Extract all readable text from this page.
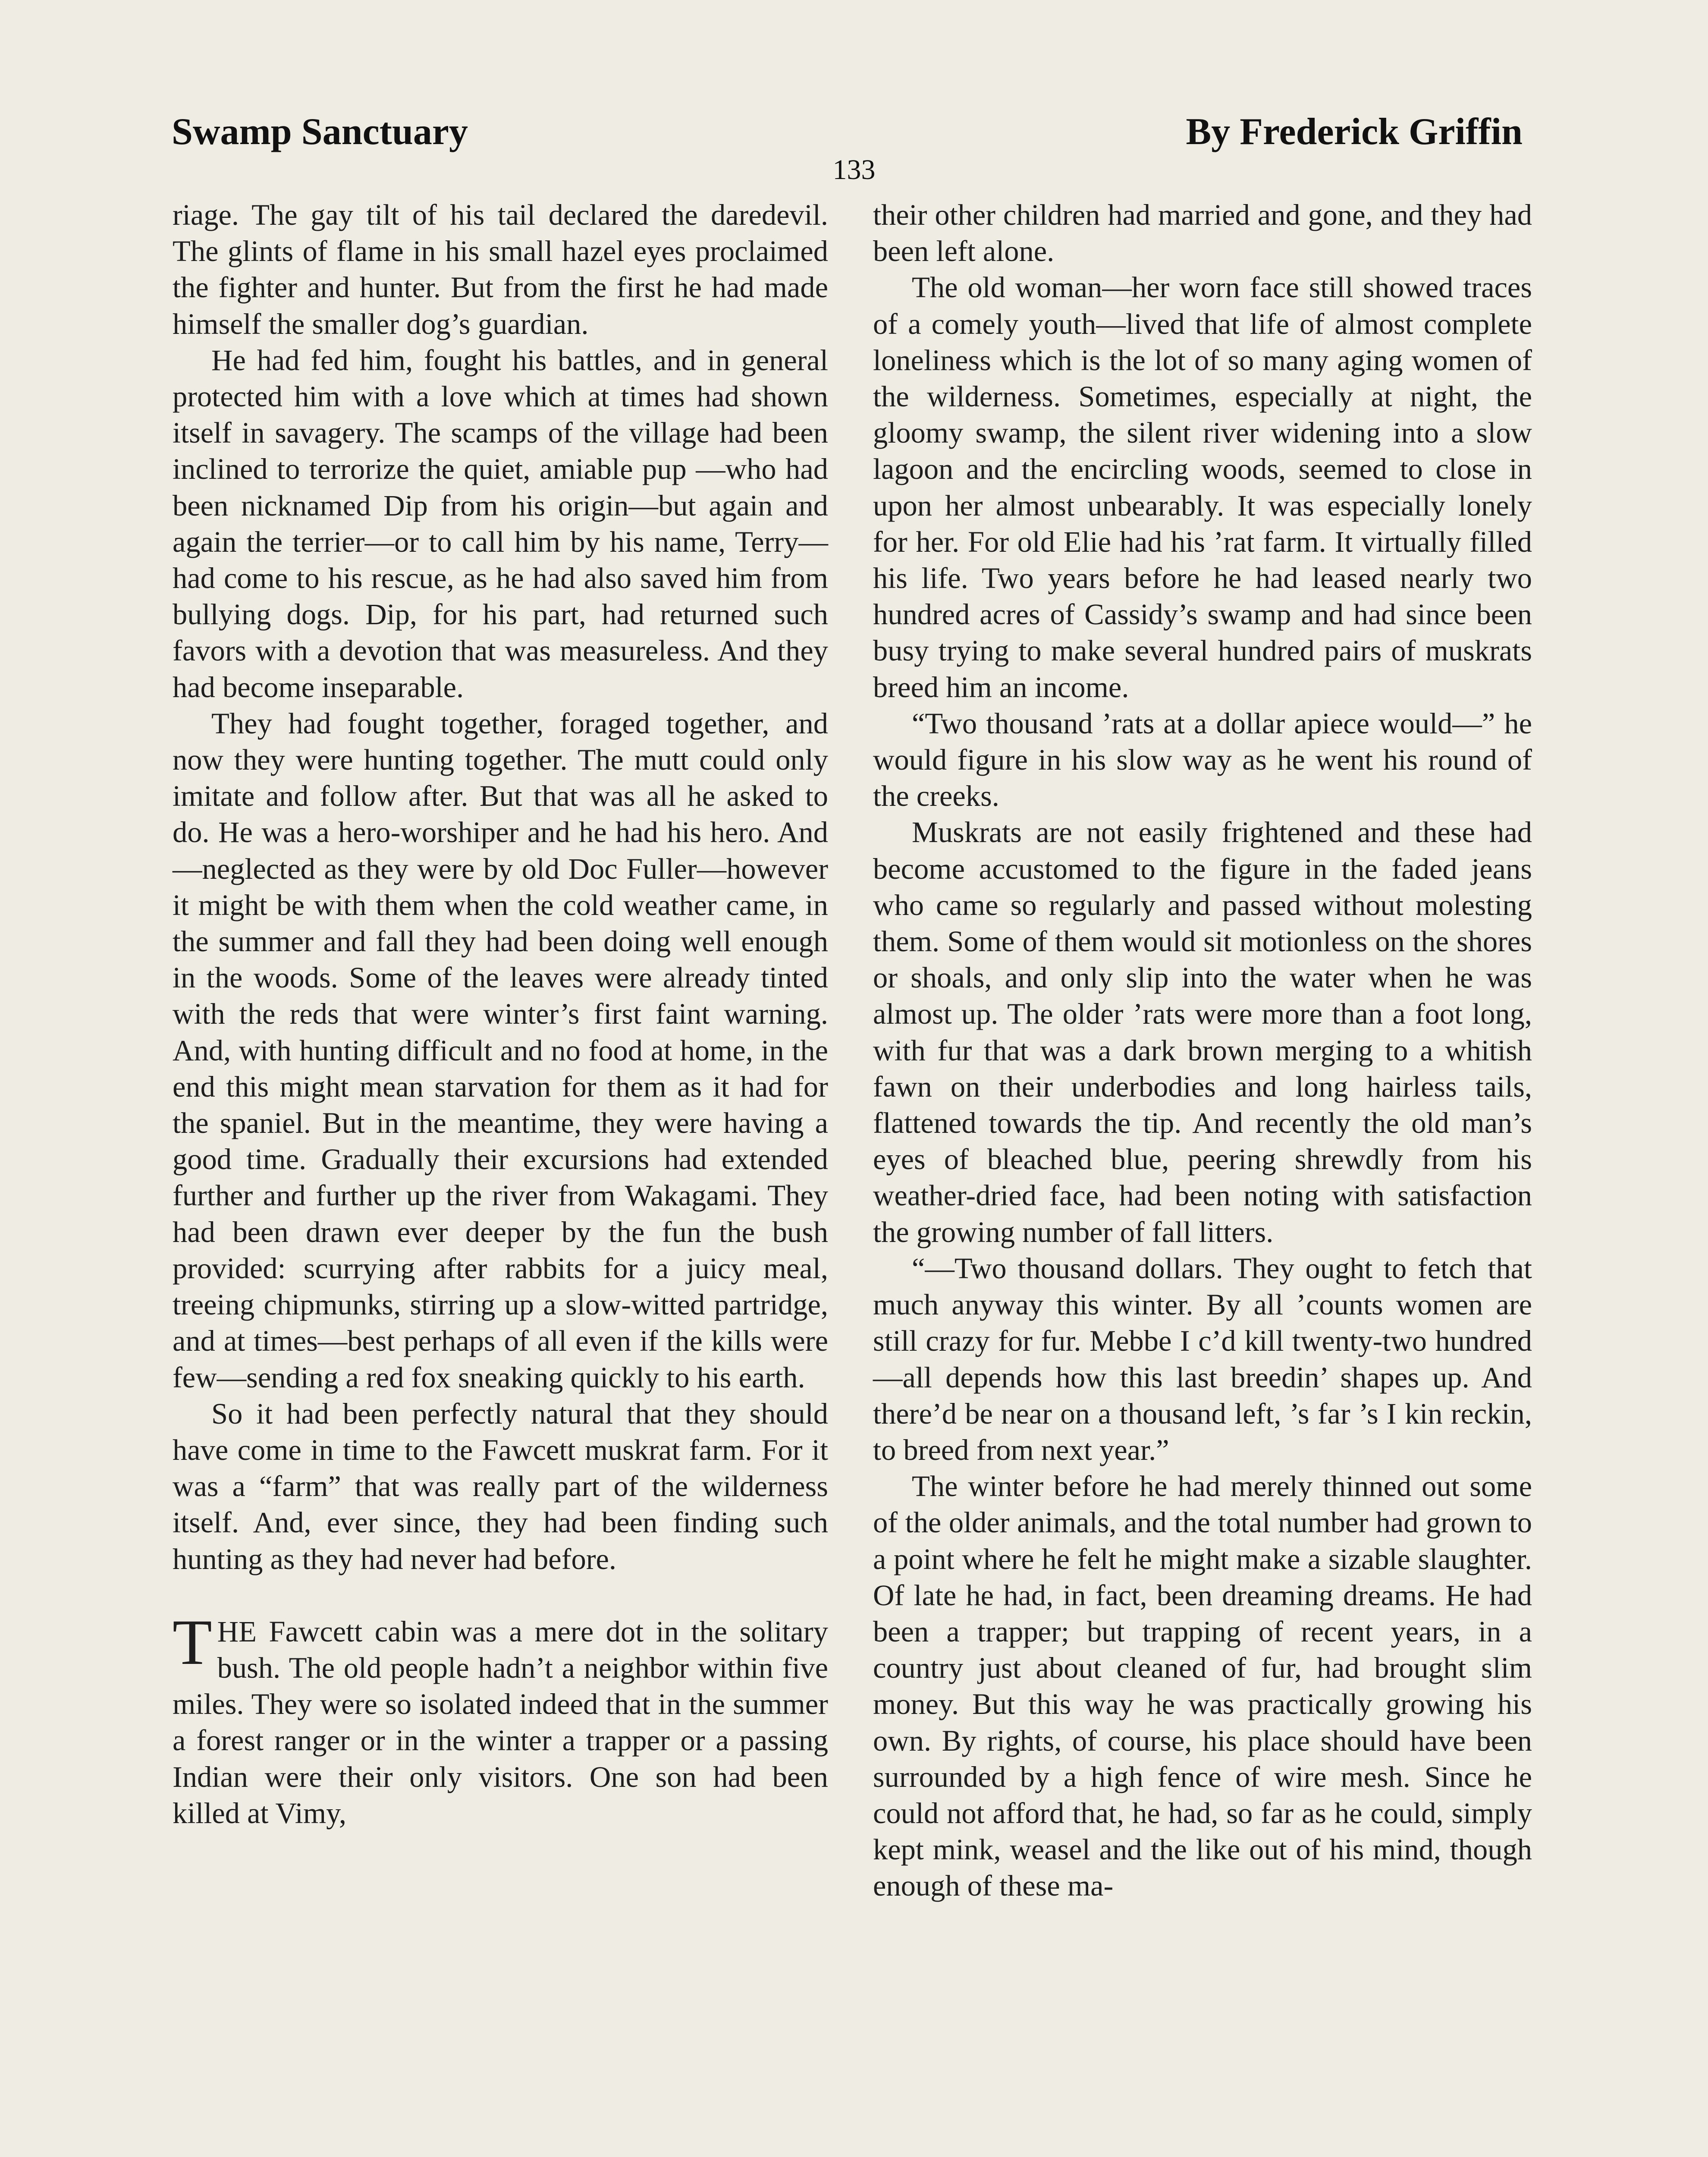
Swamp Sanctuary	By Frederick Griffin
133

riage. The gay tilt of his tail declared the daredevil. The glints of flame in his small hazel eyes proclaimed the fighter and hunter. But from the first he had made himself the smaller dog’s guardian.

He had fed him, fought his battles, and in general protected him with a love which at times had shown itself in savagery. The scamps of the village had been inclined to terrorize the quiet, amiable pup —who had been nicknamed Dip from his origin—but again and again the terrier—or to call him by his name, Terry—had come to his rescue, as he had also saved him from bullying dogs. Dip, for his part, had returned such favors with a devotion that was measureless. And they had become inseparable.

They had fought together, foraged together, and now they were hunting together. The mutt could only imitate and follow after. But that was all he asked to do. He was a hero-worshiper and he had his hero. And—neglected as they were by old Doc Fuller—however it might be with them when the cold weather came, in the summer and fall they had been doing well enough in the woods. Some of the leaves were already tinted with the reds that were winter’s first faint warning. And, with hunting difficult and no food at home, in the end this might mean starvation for them as it had for the spaniel. But in the meantime, they were having a good time. Gradually their excursions had extended further and further up the river from Wakagami. They had been drawn ever deeper by the fun the bush provided: scurrying after rabbits for a juicy meal, treeing chipmunks, stirring up a slow-witted partridge, and at times—best perhaps of all even if the kills were few—sending a red fox sneaking quickly to his earth.

So it had been perfectly natural that they should have come in time to the Fawcett muskrat farm. For it was a “farm” that was really part of the wilderness itself. And, ever since, they had been finding such hunting as they had never had before.

THE Fawcett cabin was a mere dot in the solitary bush. The old people hadn’t a neighbor within five miles. They were so isolated indeed that in the summer a forest ranger or in the winter a trapper or a passing Indian were their only visitors. One son had been killed at Vimy,

their other children had married and gone, and they had been left alone.

The old woman—her worn face still showed traces of a comely youth—lived that life of almost complete loneliness which is the lot of so many aging women of the wilderness. Sometimes, especially at night, the gloomy swamp, the silent river widening into a slow lagoon and the encircling woods, seemed to close in upon her almost unbearably. It was especially lonely for her. For old Elie had his ’rat farm. It virtually filled his life. Two years before he had leased nearly two hundred acres of Cassidy’s swamp and had since been busy trying to make several hundred pairs of muskrats breed him an income.

“Two thousand ’rats at a dollar apiece would—” he would figure in his slow way as he went his round of the creeks.

Muskrats are not easily frightened and these had become accustomed to the figure in the faded jeans who came so regularly and passed without molesting them. Some of them would sit motionless on the shores or shoals, and only slip into the water when he was almost up. The older ’rats were more than a foot long, with fur that was a dark brown merging to a whitish fawn on their underbodies and long hairless tails, flattened towards the tip. And recently the old man’s eyes of bleached blue, peering shrewdly from his weather-dried face, had been noting with satisfaction the growing number of fall litters.

“—Two thousand dollars. They ought to fetch that much anyway this winter. By all ’counts women are still crazy for fur. Mebbe I c’d kill twenty-two hundred —all depends how this last breedin’ shapes up. And there’d be near on a thousand left, ’s far ’s I kin reckin, to breed from next year.”

The winter before he had merely thinned out some of the older animals, and the total number had grown to a point where he felt he might make a sizable slaughter. Of late he had, in fact, been dreaming dreams. He had been a trapper; but trapping of recent years, in a country just about cleaned of fur, had brought slim money. But this way he was practically growing his own. By rights, of course, his place should have been surrounded by a high fence of wire mesh. Since he could not afford that, he had, so far as he could, simply kept mink, weasel and the like out of his mind, though enough of these ma-
